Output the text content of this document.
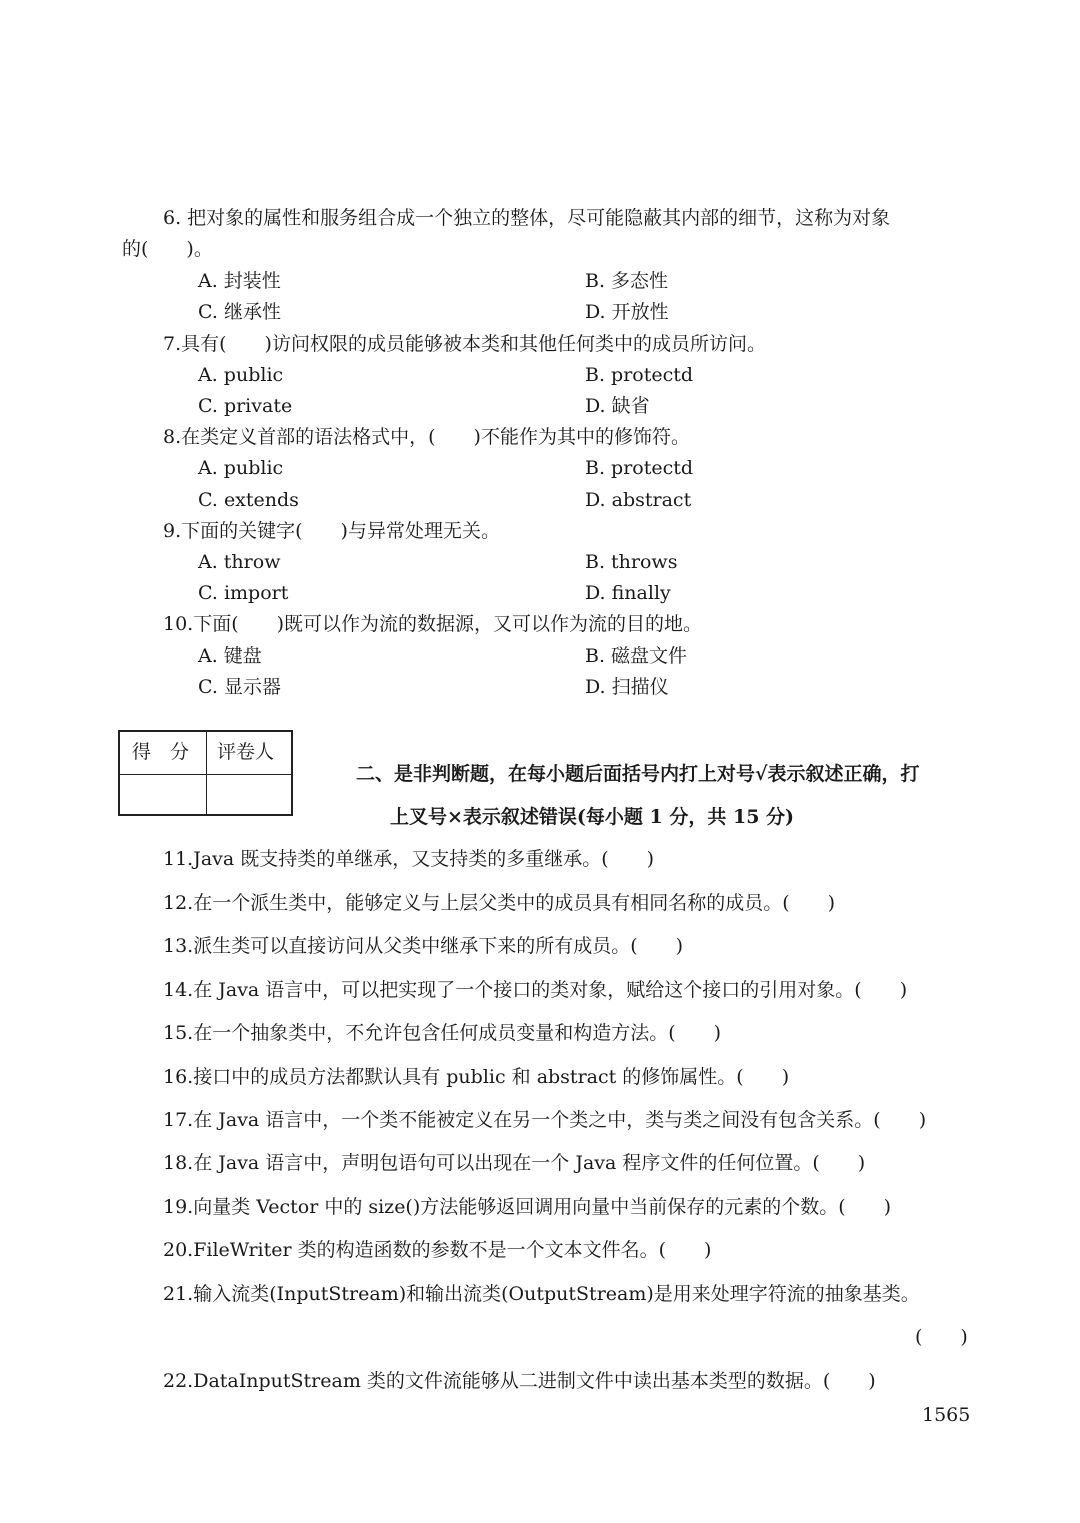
6. 把对象的属性和服务组合成一个独立的整体，尽可能隐蔽其内部的细节，这称为对象
的(　　)。
A. 封装性	B. 多态性
C. 继承性	D. 开放性
7.具有(　　)访问权限的成员能够被本类和其他任何类中的成员所访问。
A. public	B. protectd
C. private	D. 缺省
8.在类定义首部的语法格式中，(　　)不能作为其中的修饰符。
A. public	B. protectd
C. extends	D. abstract
9.下面的关键字(　　)与异常处理无关。
A. throw	B. throws
C. import	D. finally
10.下面(　　)既可以作为流的数据源，又可以作为流的目的地。
A. 键盘	B. 磁盘文件
C. 显示器	D. 扫描仪
得　分 评卷人
二、是非判断题，在每小题后面括号内打上对号√表示叙述正确，打
上叉号×表示叙述错误(每小题 1 分，共 15 分)
11.Java 既支持类的单继承，又支持类的多重继承。(　　)
12.在一个派生类中，能够定义与上层父类中的成员具有相同名称的成员。(　　)
13.派生类可以直接访问从父类中继承下来的所有成员。(　　)
14.在 Java 语言中，可以把实现了一个接口的类对象，赋给这个接口的引用对象。(　　)
15.在一个抽象类中，不允许包含任何成员变量和构造方法。(　　)
16.接口中的成员方法都默认具有 public 和 abstract 的修饰属性。(　　)
17.在 Java 语言中，一个类不能被定义在另一个类之中，类与类之间没有包含关系。(　　)
18.在 Java 语言中，声明包语句可以出现在一个 Java 程序文件的任何位置。(　　)
19.向量类 Vector 中的 size()方法能够返回调用向量中当前保存的元素的个数。(　　)
20.FileWriter 类的构造函数的参数不是一个文本文件名。(　　)
21.输入流类(InputStream)和输出流类(OutputStream)是用来处理字符流的抽象基类。
(　　)
22.DataInputStream 类的文件流能够从二进制文件中读出基本类型的数据。(　　)
1565
